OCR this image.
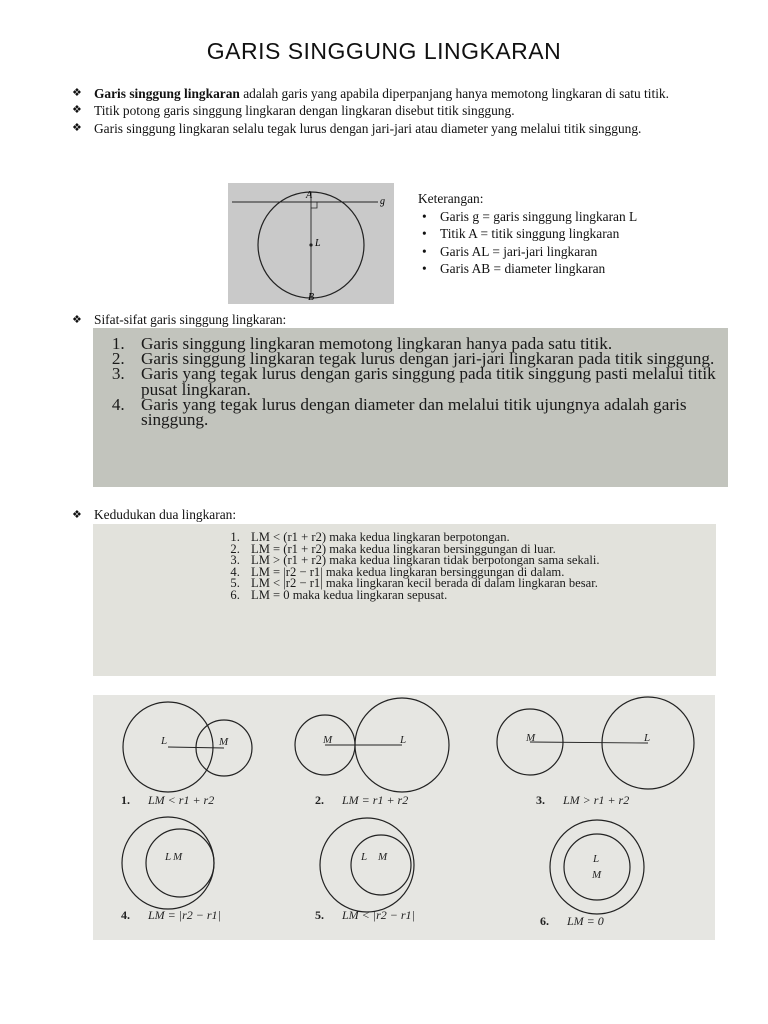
GARIS SINGGUNG LINGKARAN
❖ Garis singgung lingkaran adalah garis yang apabila diperpanjang hanya memotong lingkaran di satu titik.
❖ Titik potong garis singgung lingkaran dengan lingkaran disebut titik singgung.
❖ Garis singgung lingkaran selalu tegak lurus dengan jari-jari atau diameter yang melalui titik singgung.
A
g
L
B
Keterangan:
• Garis g = garis singgung lingkaran L
• Titik A = titik singgung lingkaran
• Garis AL = jari-jari lingkaran
• Garis AB = diameter lingkaran
❖ Sifat-sifat garis singgung lingkaran:
1. Garis singgung lingkaran memotong lingkaran hanya pada satu titik.
2. Garis singgung lingkaran tegak lurus dengan jari-jari lingkaran pada titik singgung.
3. Garis yang tegak lurus dengan garis singgung pada titik singgung pasti melalui titik pusat lingkaran.
4. Garis yang tegak lurus dengan diameter dan melalui titik ujungnya adalah garis singgung.
❖ Kedudukan dua lingkaran:
1. LM < (r1 + r2) maka kedua lingkaran berpotongan.
2. LM = (r1 + r2) maka kedua lingkaran bersinggungan di luar.
3. LM > (r1 + r2) maka kedua lingkaran tidak berpotongan sama sekali.
4. LM = |r2 − r1| maka kedua lingkaran bersinggungan di dalam.
5. LM < |r2 − r1| maka lingkaran kecil berada di dalam lingkaran besar.
6. LM = 0 maka kedua lingkaran sepusat.
L	M	M	L	M	L
L M	L M	L
M
1. LM < r1 + r2	2. LM = r1 + r2	3. LM > r1 + r2
4. LM = |r2 − r1|	5. LM < |r2 − r1|	6. LM = 0
